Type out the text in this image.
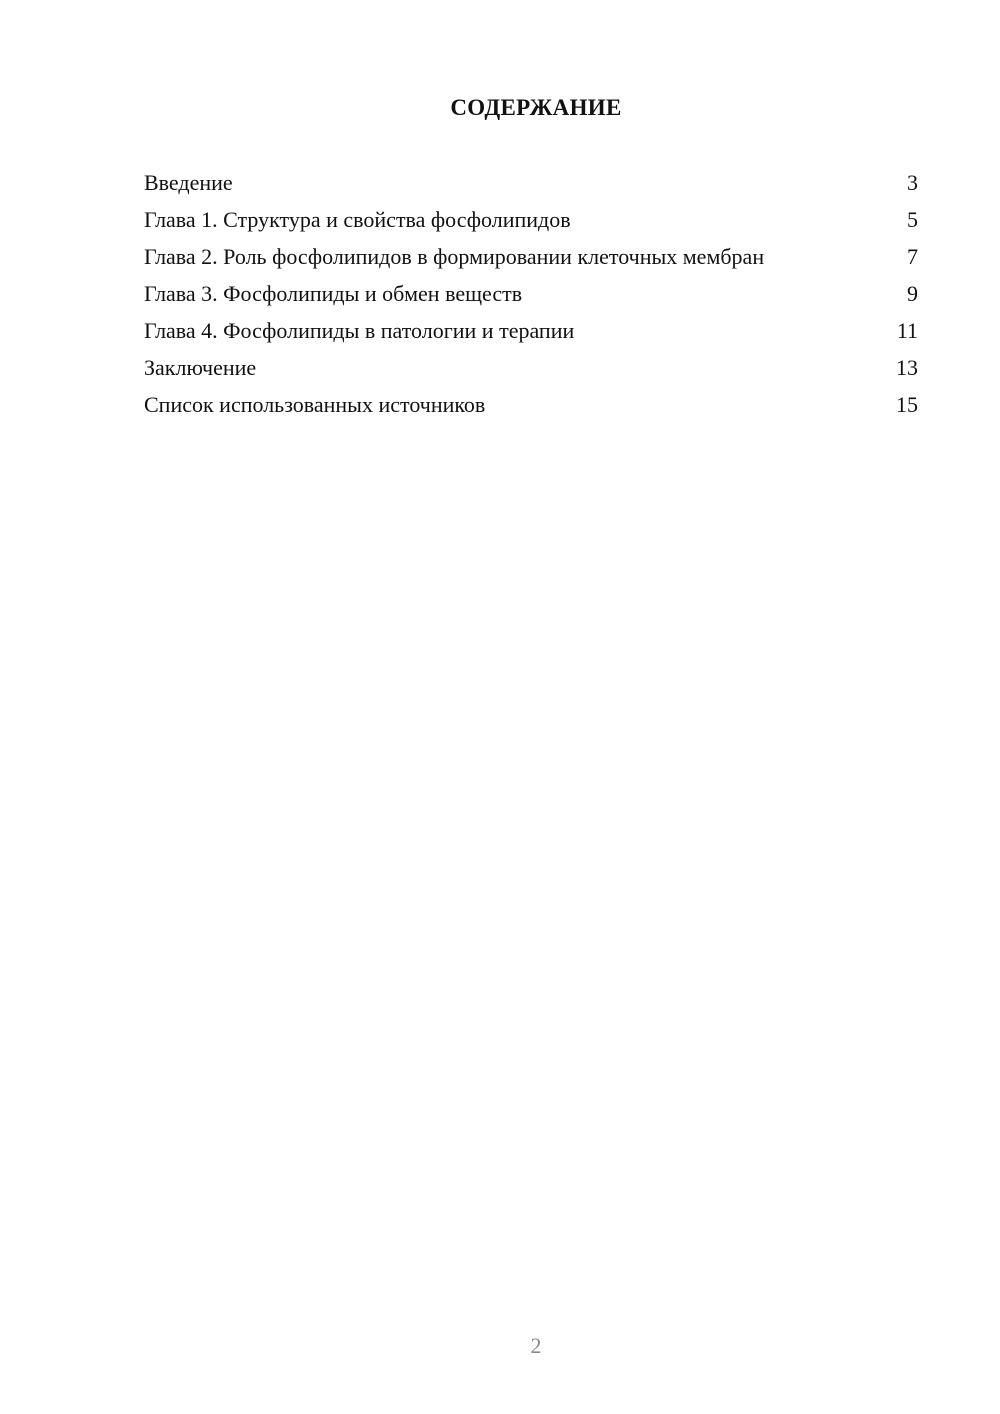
СОДЕРЖАНИЕ
Введение	3
Глава 1. Структура и свойства фосфолипидов	5
Глава 2. Роль фосфолипидов в формировании клеточных мембран	7
Глава 3. Фосфолипиды и обмен веществ	9
Глава 4. Фосфолипиды в патологии и терапии	11
Заключение	13
Список использованных источников	15
2
